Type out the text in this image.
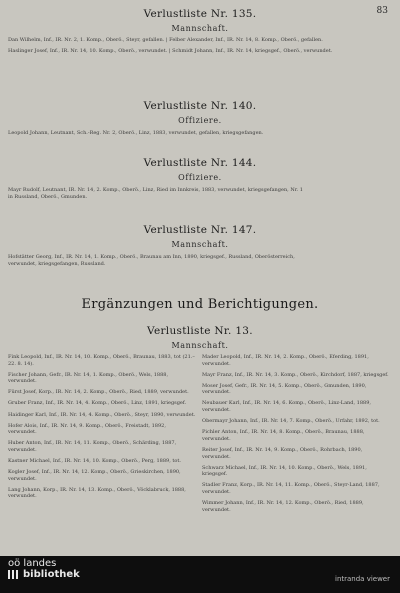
83
Verlustliste Nr. 135.
Mannschaft.
Dan Wilhelm, Inf., IR. Nr. 2, 1. Komp., Oberö., Steyr, gefallen. | Felber Alexander, Inf., IR. Nr. 14, 8. Komp., Oberö., gefallen.
Haslinger Josef, Inf., IR. Nr. 14, 10. Komp., Oberö., verwundet. | Schmidt Johann, Inf., IR. Nr. 14, kriegsgef., Oberö., verwundet.
Verlustliste Nr. 140.
Offiziere.
Leopold Johann, Leutnant, Sch.-Reg. Nr. 2, Oberö., Linz, 1883, verwundet, gefallen, kriegsgefangen.
Verlustliste Nr. 144.
Offiziere.
Mayr Rudolf, Leutnant, IR. Nr. 14, 2. Komp., Oberö., Linz, Ried im Innkreis, 1883, verwundet, kriegsgefangen, Nr. 1
in Russland, Oberö., Gmunden.
Verlustliste Nr. 147.
Mannschaft.
Hofstätter Georg, Inf., IR. Nr. 14, 1. Komp., Oberö., Braunau am Inn, 1890, kriegsgef., Russland, Oberösterreich,
verwundet, kriegsgefangen, Russland.
Ergänzungen und Berichtigungen.
Verlustliste Nr. 13.
Mannschaft.
Fink Leopold, Inf., IR. Nr. 14, 10. Komp., Oberö., Braunau, 1883, tot (21.–22. 8. 14).
Fischer Johann, Gefr., IR. Nr. 14, 1. Komp., Oberö., Wels, 1888, verwundet.
Fürst Josef, Korp., IR. Nr. 14, 2. Komp., Oberö., Ried, 1889, verwundet.
Gruber Franz, Inf., IR. Nr. 14, 4. Komp., Oberö., Linz, 1891, kriegsgef.
Haidinger Karl, Inf., IR. Nr. 14, 4. Komp., Oberö., Steyr, 1890, verwundet.
Hofer Alois, Inf., IR. Nr. 14, 9. Komp., Oberö., Freistadt, 1892, verwundet.
Huber Anton, Inf., IR. Nr. 14, 11. Komp., Oberö., Schärding, 1887, verwundet.
Kastner Michael, Inf., IR. Nr. 14, 10. Komp., Oberö., Perg, 1889, tot.
Kogler Josef, Inf., IR. Nr. 14, 12. Komp., Oberö., Grieskirchen, 1890, verwundet.
Lang Johann, Korp., IR. Nr. 14, 13. Komp., Oberö., Vöcklabruck, 1888, verwundet.
Mader Leopold, Inf., IR. Nr. 14, 2. Komp., Oberö., Eferding, 1891, verwundet.
Mayr Franz, Inf., IR. Nr. 14, 3. Komp., Oberö., Kirchdorf, 1887, kriegsgef.
Moser Josef, Gefr., IR. Nr. 14, 5. Komp., Oberö., Gmunden, 1890, verwundet.
Neubauer Karl, Inf., IR. Nr. 14, 6. Komp., Oberö., Linz-Land, 1889, verwundet.
Obermayr Johann, Inf., IR. Nr. 14, 7. Komp., Oberö., Urfahr, 1892, tot.
Pichler Anton, Inf., IR. Nr. 14, 8. Komp., Oberö., Braunau, 1888, verwundet.
Reiter Josef, Inf., IR. Nr. 14, 9. Komp., Oberö., Rohrbach, 1890, verwundet.
Schwarz Michael, Inf., IR. Nr. 14, 10. Komp., Oberö., Wels, 1891, kriegsgef.
Stadler Franz, Korp., IR. Nr. 14, 11. Komp., Oberö., Steyr-Land, 1887, verwundet.
Wimmer Johann, Inf., IR. Nr. 14, 12. Komp., Oberö., Ried, 1889, verwundet.
oö landes
bibliothek	intranda viewer
